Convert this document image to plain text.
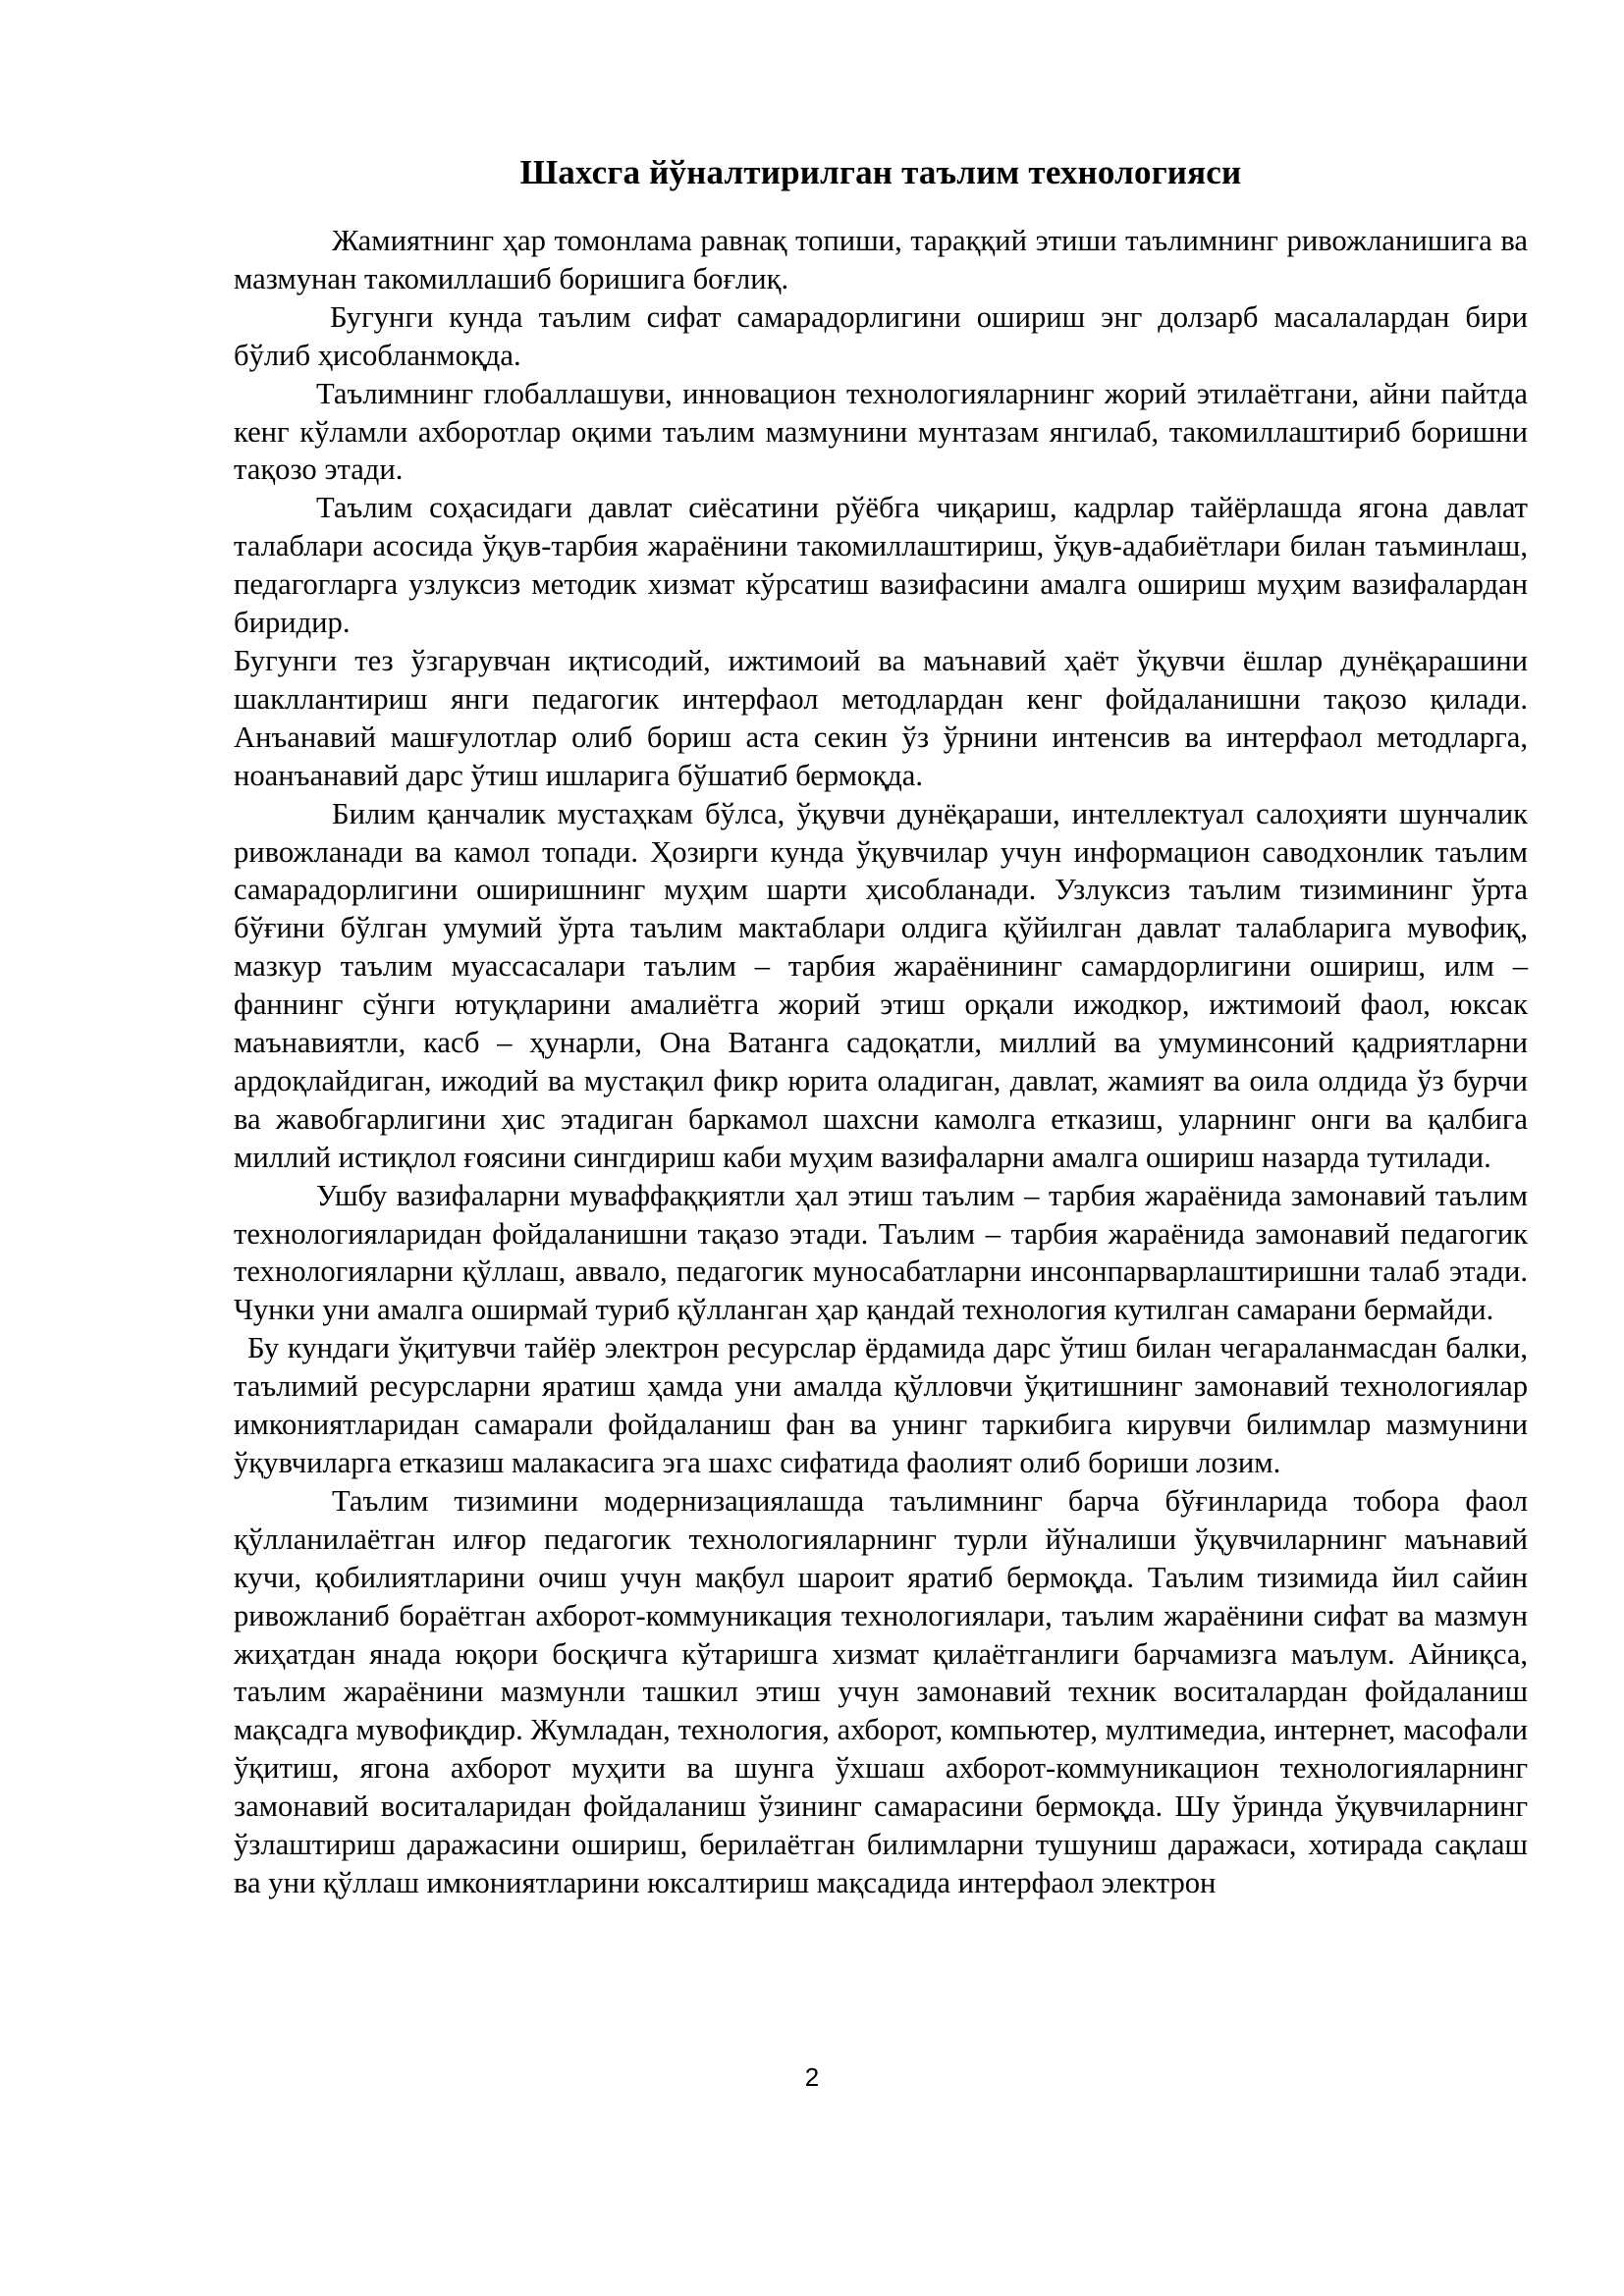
Шахсга йўналтирилган таълим технологияси

Жамиятнинг ҳар томонлама равнақ топиши, тараққий этиши таълимнинг ривожланишига ва мазмунан такомиллашиб боришига боғлиқ.

Бугунги кунда таълим сифат самарадорлигини ошириш энг долзарб масалалардан бири бўлиб ҳисобланмоқда.

Таълимнинг глобаллашуви, инновацион технологияларнинг жорий этилаётгани, айни пайтда кенг кўламли ахборотлар оқими таълим мазмунини мунтазам янгилаб, такомиллаштириб боришни тақозо этади.

Таълим соҳасидаги давлат сиёсатини рўёбга чиқариш, кадрлар тайёрлашда ягона давлат талаблари асосида ўқув-тарбия жараёнини такомиллаштириш, ўқув-адабиётлари билан таъминлаш, педагогларга узлуксиз методик хизмат кўрсатиш вазифасини амалга ошириш муҳим вазифалардан биридир.

Бугунги тез ўзгарувчан иқтисодий, ижтимоий ва маънавий ҳаёт ўқувчи ёшлар дунёқарашини шакллантириш янги педагогик интерфаол методлардан кенг фойдаланишни тақозо қилади. Анъанавий машғулотлар олиб бориш аста секин ўз ўрнини интенсив ва интерфаол методларга, ноанъанавий дарс ўтиш ишларига бўшатиб бермоқда.

Билим қанчалик мустаҳкам бўлса, ўқувчи дунёқараши, интеллектуал салоҳияти шунчалик ривожланади ва камол топади. Ҳозирги кунда ўқувчилар учун информацион саводхонлик таълим самарадорлигини оширишнинг муҳим шарти ҳисобланади. Узлуксиз таълим тизимининг ўрта бўғини бўлган умумий ўрта таълим мактаблари олдига қўйилган давлат талабларига мувофиқ, мазкур таълим муассасалари таълим – тарбия жараёнининг самардорлигини ошириш, илм – фаннинг сўнги ютуқларини амалиётга жорий этиш орқали ижодкор, ижтимоий фаол, юксак маънавиятли, касб – ҳунарли, Она Ватанга садоқатли, миллий ва умуминсоний қадриятларни ардоқлайдиган, ижодий ва мустақил фикр юрита оладиган, давлат, жамият ва оила олдида ўз бурчи ва жавобгарлигини ҳис этадиган баркамол шахсни камолга етказиш, уларнинг онги ва қалбига миллий истиқлол ғоясини сингдириш каби муҳим вазифаларни амалга ошириш назарда тутилади.

Ушбу вазифаларни муваффаққиятли ҳал этиш таълим – тарбия жараёнида замонавий таълим технологияларидан фойдаланишни тақазо этади. Таълим – тарбия жараёнида замонавий педагогик технологияларни қўллаш, аввало, педагогик муносабатларни инсонпарварлаштиришни талаб этади. Чунки уни амалга оширмай туриб қўлланган ҳар қандай технология кутилган самарани бермайди.

Бу кундаги ўқитувчи тайёр электрон ресурслар ёрдамида дарс ўтиш билан чегараланмасдан балки, таълимий ресурсларни яратиш ҳамда уни амалда қўлловчи ўқитишнинг замонавий технологиялар имкониятларидан самарали фойдаланиш фан ва унинг таркибига кирувчи билимлар мазмунини ўқувчиларга етказиш малакасига эга шахс сифатида фаолият олиб бориши лозим.

Таълим тизимини модернизациялашда таълимнинг барча бўғинларида тобора фаол қўлланилаётган илғор педагогик технологияларнинг турли йўналиши ўқувчиларнинг маънавий кучи, қобилиятларини очиш учун мақбул шароит яратиб бермоқда. Таълим тизимида йил сайин ривожланиб бораётган ахборот-коммуникация технологиялари, таълим жараёнини сифат ва мазмун жиҳатдан янада юқори босқичга кўтаришга хизмат қилаётганлиги барчамизга маълум. Айниқса, таълим жараёнини мазмунли ташкил этиш учун замонавий техник воситалардан фойдаланиш мақсадга мувофиқдир. Жумладан, технология, ахборот, компьютер, мултимедиа, интернет, масофали ўқитиш, ягона ахборот муҳити ва шунга ўхшаш ахборот-коммуникацион технологияларнинг замонавий воситаларидан фойдаланиш ўзининг самарасини бермоқда. Шу ўринда ўқувчиларнинг ўзлаштириш даражасини ошириш, берилаётган билимларни тушуниш даражаси, хотирада сақлаш ва уни қўллаш имкониятларини юксалтириш мақсадида интерфаол электрон

2
